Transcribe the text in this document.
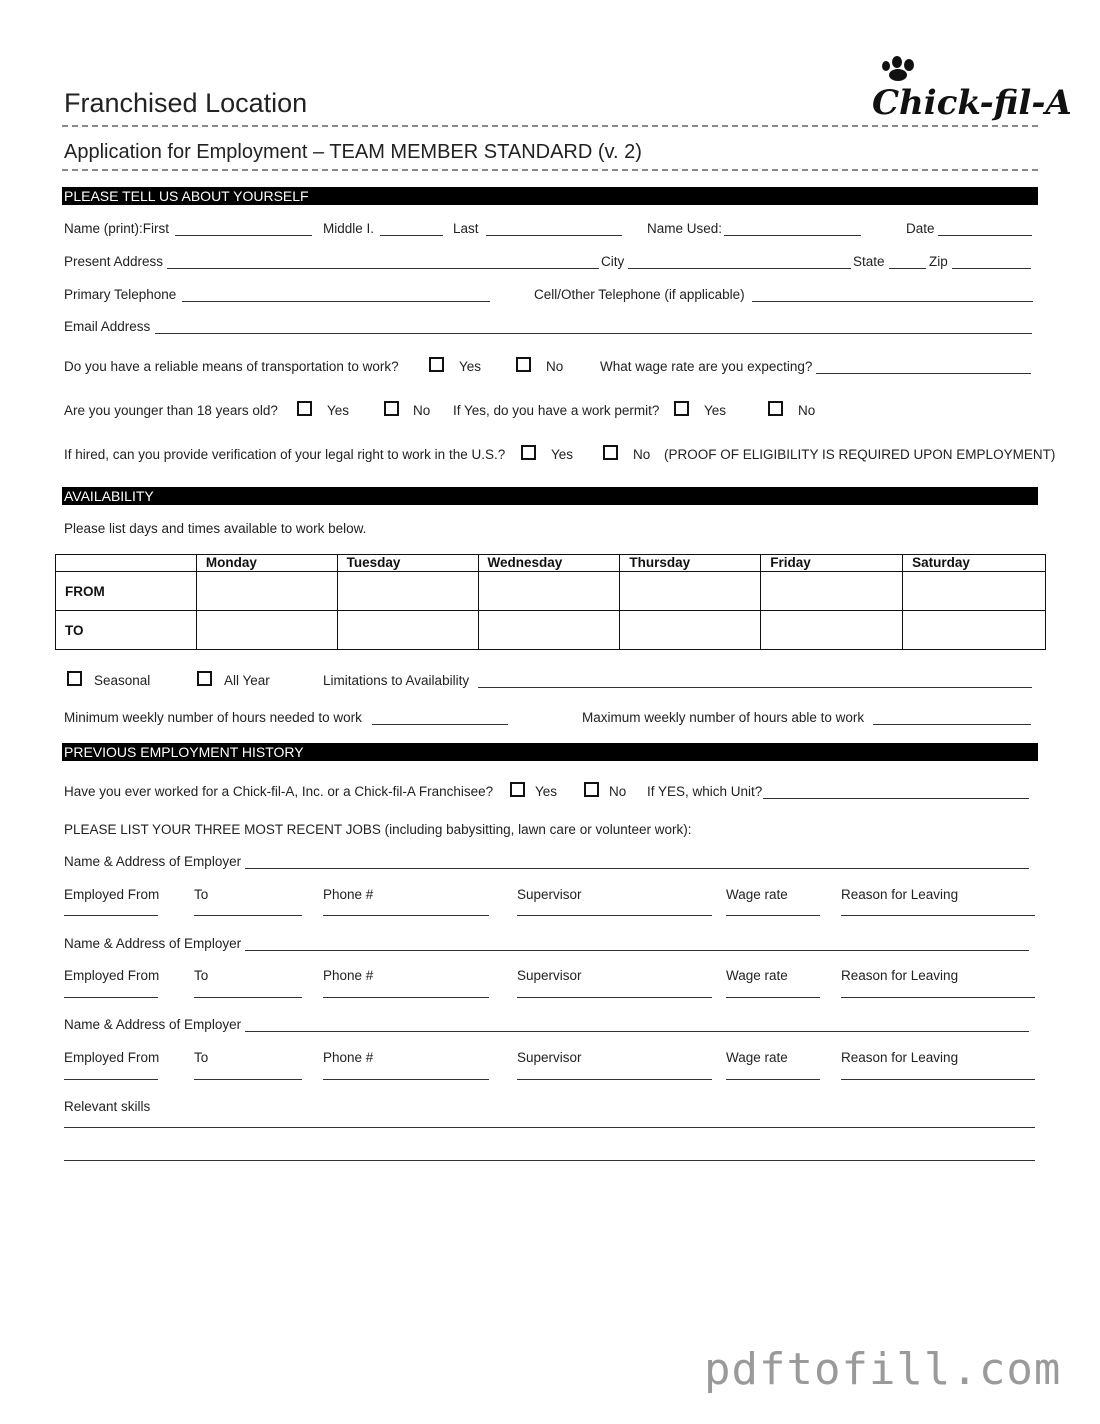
Franchised Location	Chick-fil-A
Application for Employment – TEAM MEMBER STANDARD (v. 2)
PLEASE TELL US ABOUT YOURSELF
Name (print):First	Middle I.	Last	Name Used:	Date
Present Address	City	State	Zip
Primary Telephone	Cell/Other Telephone (if applicable)
Email Address
Do you have a reliable means of transportation to work?	Yes	No	What wage rate are you expecting?
Are you younger than 18 years old?	Yes	No If Yes, do you have a work permit?	Yes	No
If hired, can you provide verification of your legal right to work in the U.S.?	Yes	No (PROOF OF ELIGIBILITY IS REQUIRED UPON EMPLOYMENT)
AVAILABILITY
Please list days and times available to work below.
	Monday	Tuesday	Wednesday	Thursday	Friday	Saturday
FROM						
TO						
Seasonal	All Year	Limitations to Availability
Minimum weekly number of hours needed to work	Maximum weekly number of hours able to work
PREVIOUS EMPLOYMENT HISTORY
Have you ever worked for a Chick-fil-A, Inc. or a Chick-fil-A Franchisee?	Yes	No If YES, which Unit?
PLEASE LIST YOUR THREE MOST RECENT JOBS (including babysitting, lawn care or volunteer work):
Name & Address of Employer
Employed From	To	Phone #	Supervisor	Wage rate	Reason for Leaving
Name & Address of Employer
Employed From	To	Phone #	Supervisor	Wage rate	Reason for Leaving
Name & Address of Employer
Employed From	To	Phone #	Supervisor	Wage rate	Reason for Leaving
Relevant skills
pdftofill.com
